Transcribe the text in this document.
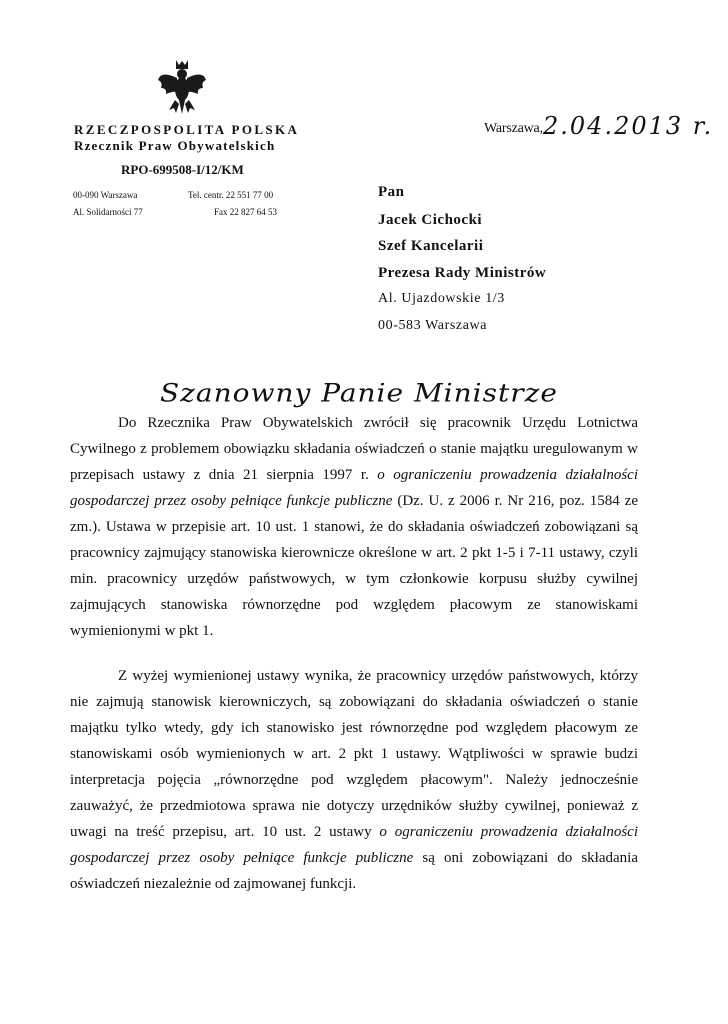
RZECZPOSPOLITA POLSKA
Rzecznik Praw Obywatelskich
RPO-699508-I/12/KM
00-090 Warszawa
Al. Solidarności 77
Tel. centr. 22 551 77 00
Fax 22 827 64 53
Warszawa, 2.04.2013 r.
Pan
Jacek Cichocki
Szef Kancelarii
Prezesa Rady Ministrów
Al. Ujazdowskie 1/3
00-583 Warszawa
Szanowny Panie Ministrze

Do Rzecznika Praw Obywatelskich zwrócił się pracownik Urzędu Lotnictwa Cywilnego z problemem obowiązku składania oświadczeń o stanie majątku uregulowanym w przepisach ustawy z dnia 21 sierpnia 1997 r. o ograniczeniu prowadzenia działalności gospodarczej przez osoby pełniące funkcje publiczne (Dz. U. z 2006 r. Nr 216, poz. 1584 ze zm.). Ustawa w przepisie art. 10 ust. 1 stanowi, że do składania oświadczeń zobowiązani są pracownicy zajmujący stanowiska kierownicze określone w art. 2 pkt 1-5 i 7-11 ustawy, czyli min. pracownicy urzędów państwowych, w tym członkowie korpusu służby cywilnej zajmujących stanowiska równorzędne pod względem płacowym ze stanowiskami wymienionymi w pkt 1.

Z wyżej wymienionej ustawy wynika, że pracownicy urzędów państwowych, którzy nie zajmują stanowisk kierowniczych, są zobowiązani do składania oświadczeń o stanie majątku tylko wtedy, gdy ich stanowisko jest równorzędne pod względem płacowym ze stanowiskami osób wymienionych w art. 2 pkt 1 ustawy. Wątpliwości w sprawie budzi interpretacja pojęcia „równorzędne pod względem płacowym". Należy jednocześnie zauważyć, że przedmiotowa sprawa nie dotyczy urzędników służby cywilnej, ponieważ z uwagi na treść przepisu, art. 10 ust. 2 ustawy o ograniczeniu prowadzenia działalności gospodarczej przez osoby pełniące funkcje publiczne są oni zobowiązani do składania oświadczeń niezależnie od zajmowanej funkcji.
